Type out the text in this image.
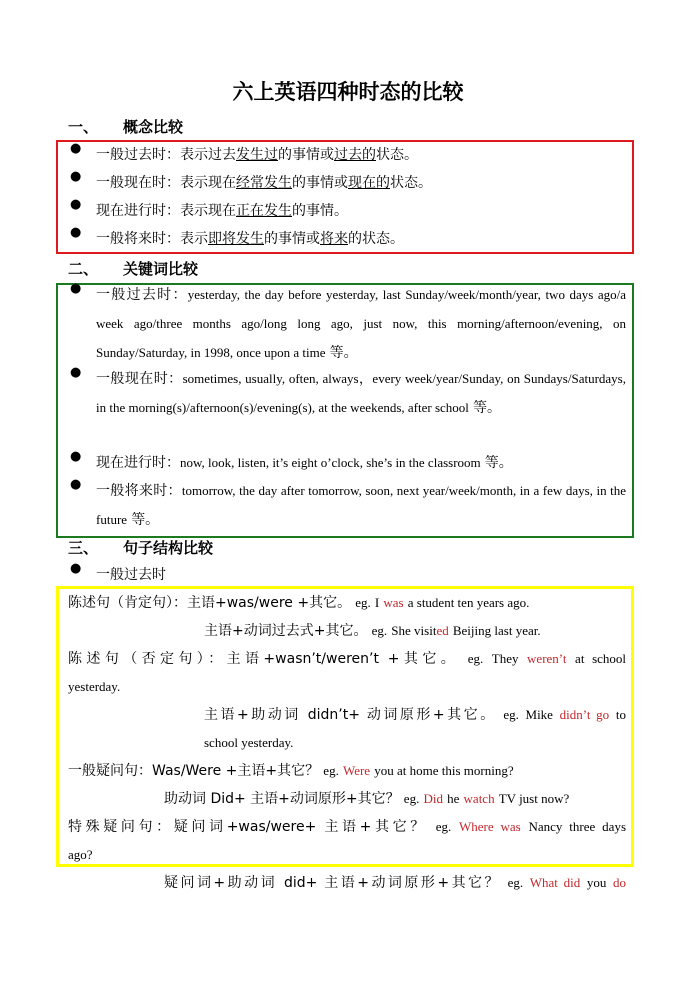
六上英语四种时态的比较
一、 概念比较
● 一般过去时：表示过去发生过的事情或过去的状态。
● 一般现在时：表示现在经常发生的事情或现在的状态。
● 现在进行时：表示现在正在发生的事情。
● 一般将来时：表示即将发生的事情或将来的状态。
二、 关键词比较
● 一般过去时：yesterday, the day before yesterday, last Sunday/week/month/year, two days ago/a week ago/three months ago/long long ago, just now, this morning/afternoon/evening, on Sunday/Saturday, in 1998, once upon a time 等。
● 一般现在时：sometimes, usually, often, always，every week/year/Sunday, on Sundays/Saturdays, in the morning(s)/afternoon(s)/evening(s), at the weekends, after school 等。
● 现在进行时：now, look, listen, it’s eight o’clock, she’s in the classroom 等。
● 一般将来时：tomorrow, the day after tomorrow, soon, next year/week/month, in a few days, in the future 等。
三、 句子结构比较
● 一般过去时
陈述句（肯定句）：主语+was/were +其它。 eg. I was a student ten years ago.
主语+动词过去式+其它。 eg. She visited Beijing last year.
陈述句（否定句）：主语+wasn’t/weren’t +其它。 eg. They weren’t at school
yesterday.
主语+助动词 didn’t+ 动词原形+其它。 eg. Mike didn’t go to
school yesterday.
一般疑问句：Was/Were +主语+其它？ eg. Were you at home this morning?
助动词 Did+ 主语+动词原形+其它？ eg. Did he watch TV just now?
特殊疑问句：疑问词+was/were+ 主语+其它？ eg. Where was Nancy three days
ago?
疑问词+助动词 did+ 主语+动词原形+其它？ eg. What did you do
